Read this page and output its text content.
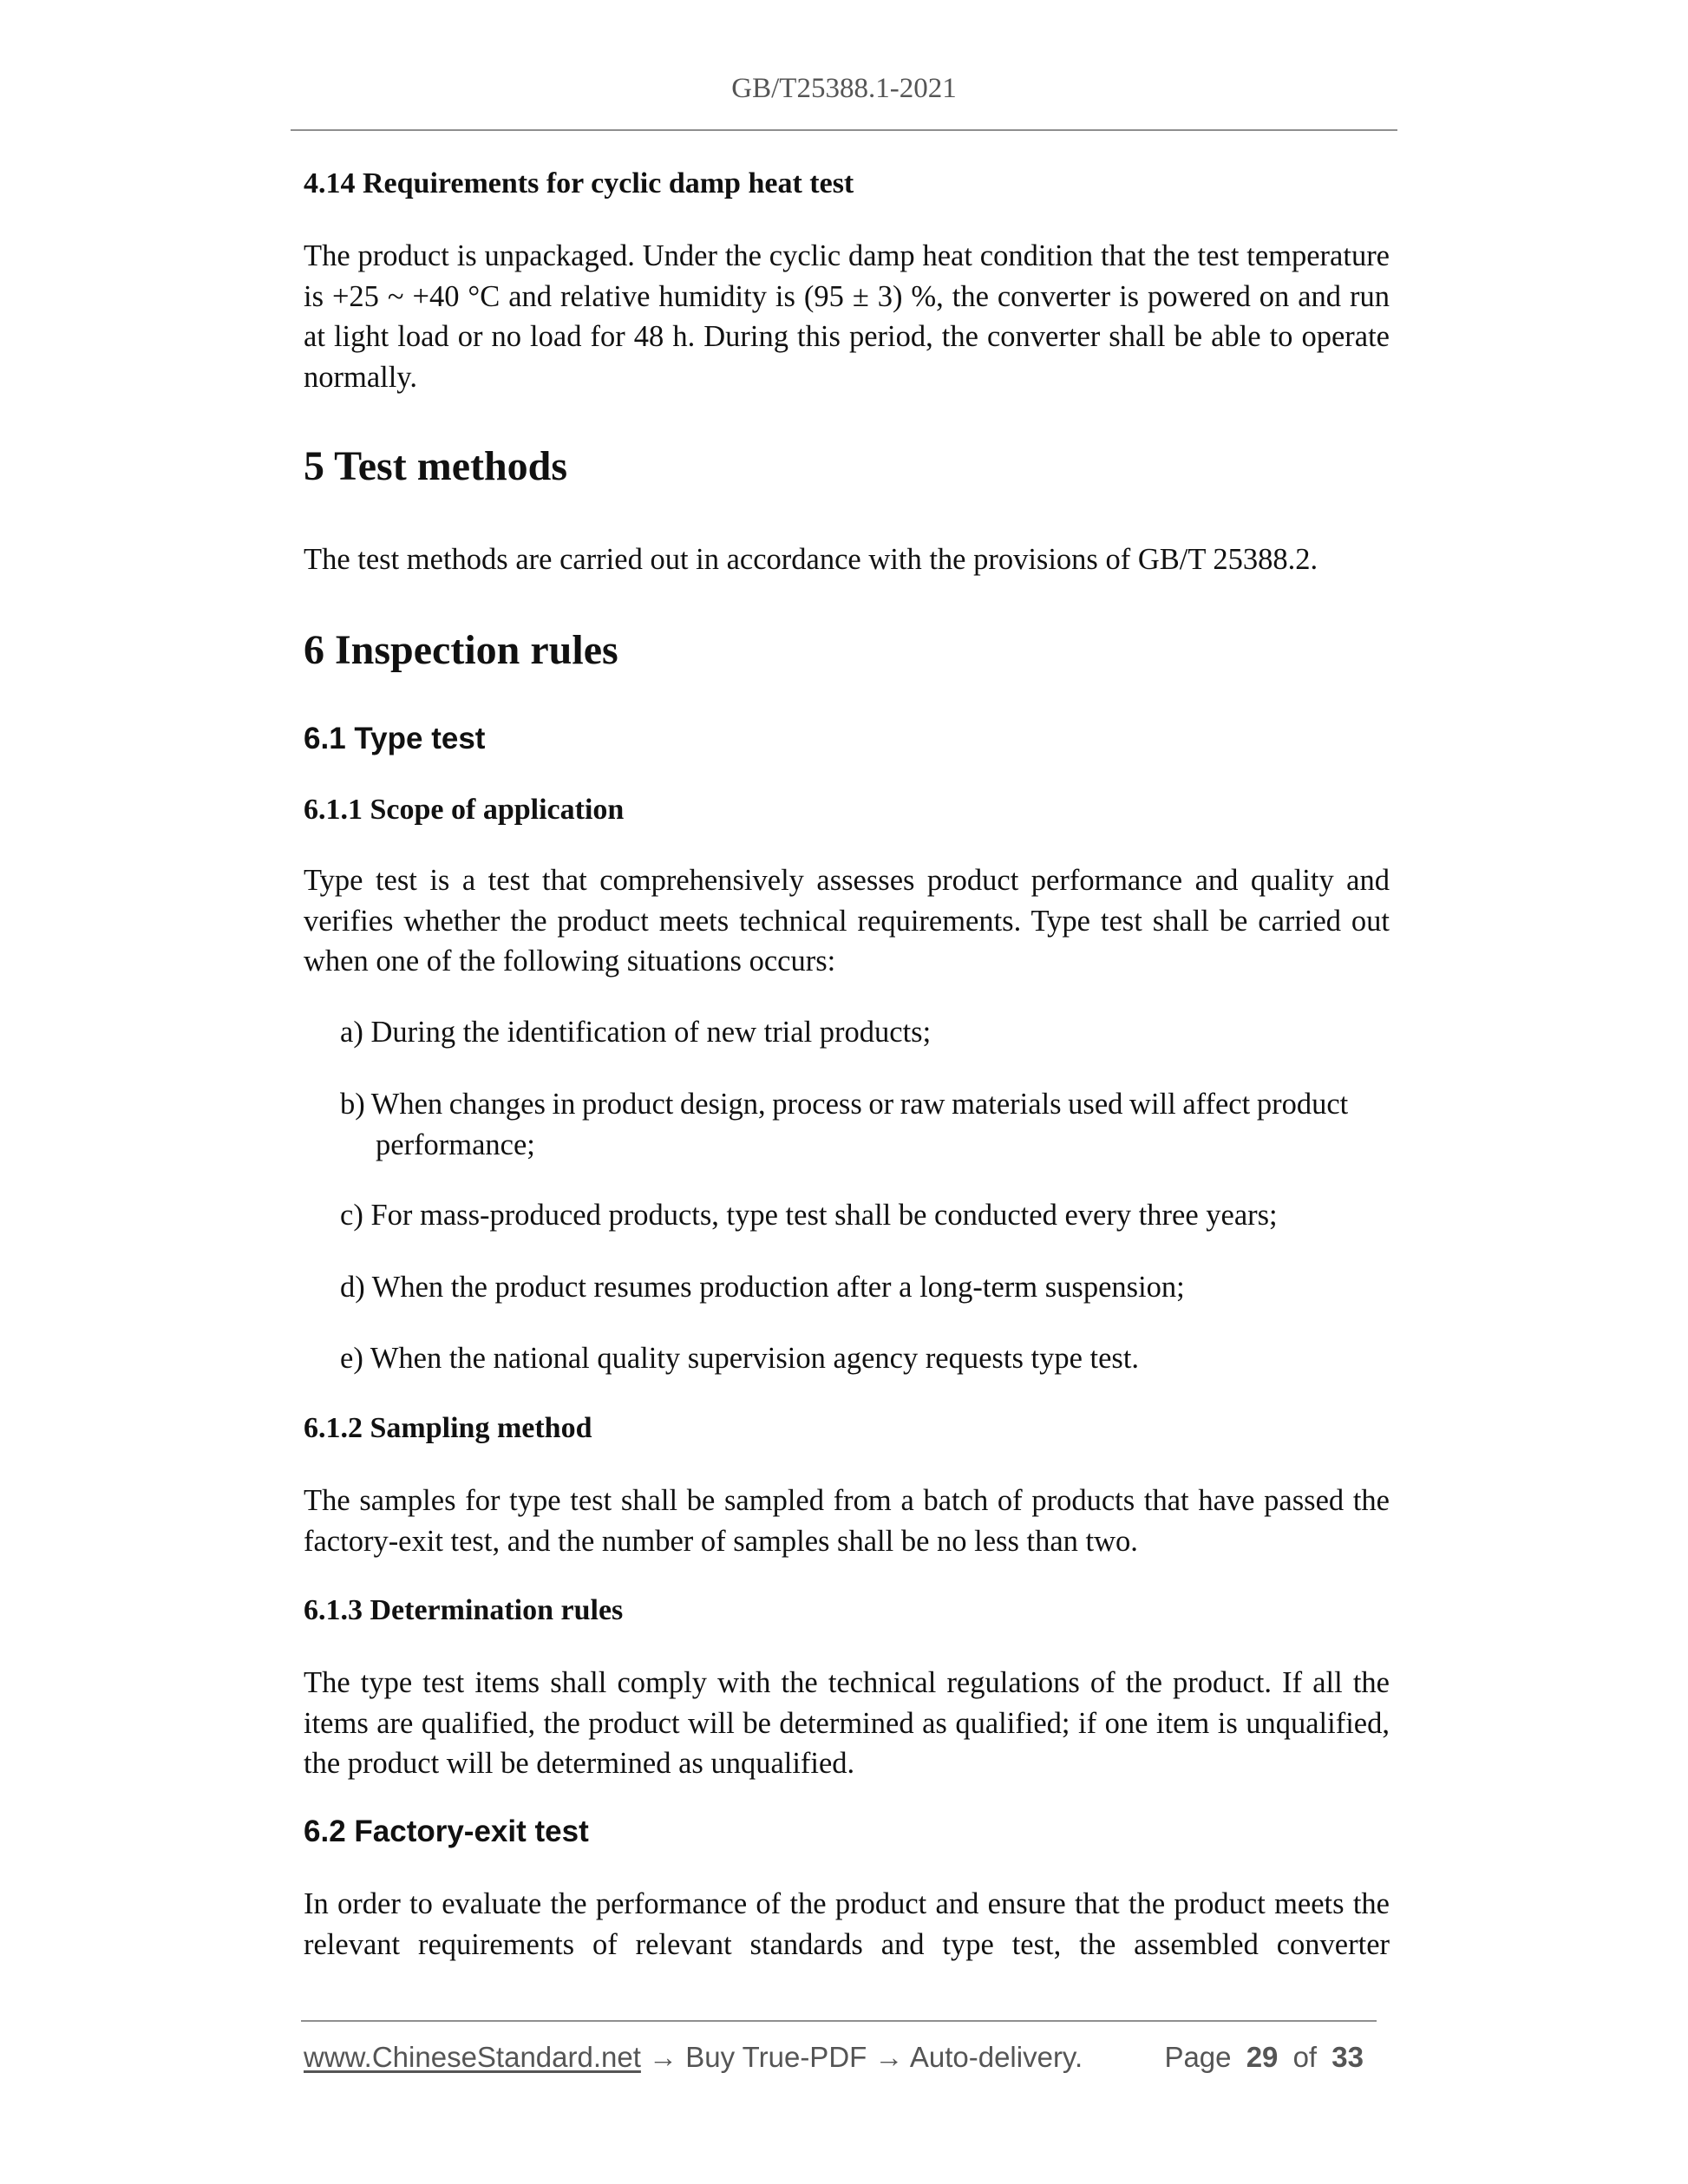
GB/T25388.1-2021
4.14 Requirements for cyclic damp heat test
The product is unpackaged. Under the cyclic damp heat condition that the test temperature is +25 ~ +40 °C and relative humidity is (95 ± 3) %, the converter is powered on and run at light load or no load for 48 h. During this period, the converter shall be able to operate normally.
5 Test methods
The test methods are carried out in accordance with the provisions of GB/T 25388.2.
6 Inspection rules
6.1 Type test
6.1.1 Scope of application
Type test is a test that comprehensively assesses product performance and quality and verifies whether the product meets technical requirements. Type test shall be carried out when one of the following situations occurs:
a) During the identification of new trial products;
b) When changes in product design, process or raw materials used will affect product
performance;
c) For mass-produced products, type test shall be conducted every three years;
d) When the product resumes production after a long-term suspension;
e) When the national quality supervision agency requests type test.
6.1.2 Sampling method
The samples for type test shall be sampled from a batch of products that have passed the factory-exit test, and the number of samples shall be no less than two.
6.1.3 Determination rules
The type test items shall comply with the technical regulations of the product. If all the items are qualified, the product will be determined as qualified; if one item is unqualified, the product will be determined as unqualified.
6.2 Factory-exit test
In order to evaluate the performance of the product and ensure that the product meets the relevant requirements of relevant standards and type test, the assembled converter
www.ChineseStandard.net → Buy True-PDF → Auto-delivery.	Page 29 of 33
